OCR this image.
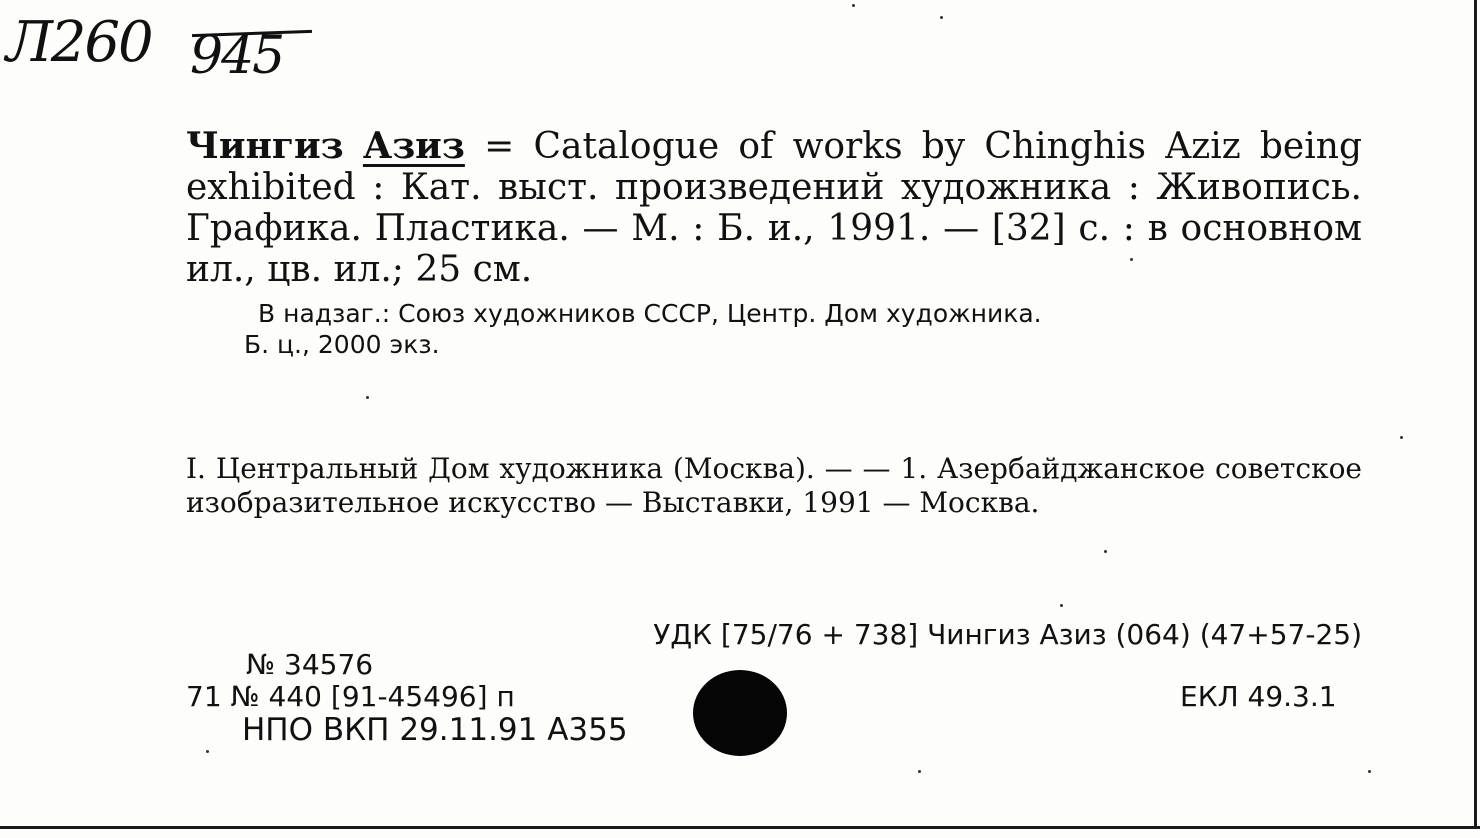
Л260 945
Чингиз Азиз = Catalogue of works by Chinghis Aziz being exhibited : Кат. выст. произведений художника : Живопись. Графика. Пластика. — М. : Б. и., 1991. — [32] с. : в основном ил., цв. ил.; 25 см.
В надзаг.: Союз художников СССР, Центр. Дом художника.
Б. ц., 2000 экз.
I. Центральный Дом художника (Москва). — — 1. Азербайджанское советское изобразительное искусство — Выставки, 1991 — Москва.
УДК [75/76 + 738] Чингиз Азиз (064) (47+57-25)
№ 34576
71 № 440 [91-45496] п
НПО ВКП 29.11.91 А355
ЕКЛ 49.3.1
